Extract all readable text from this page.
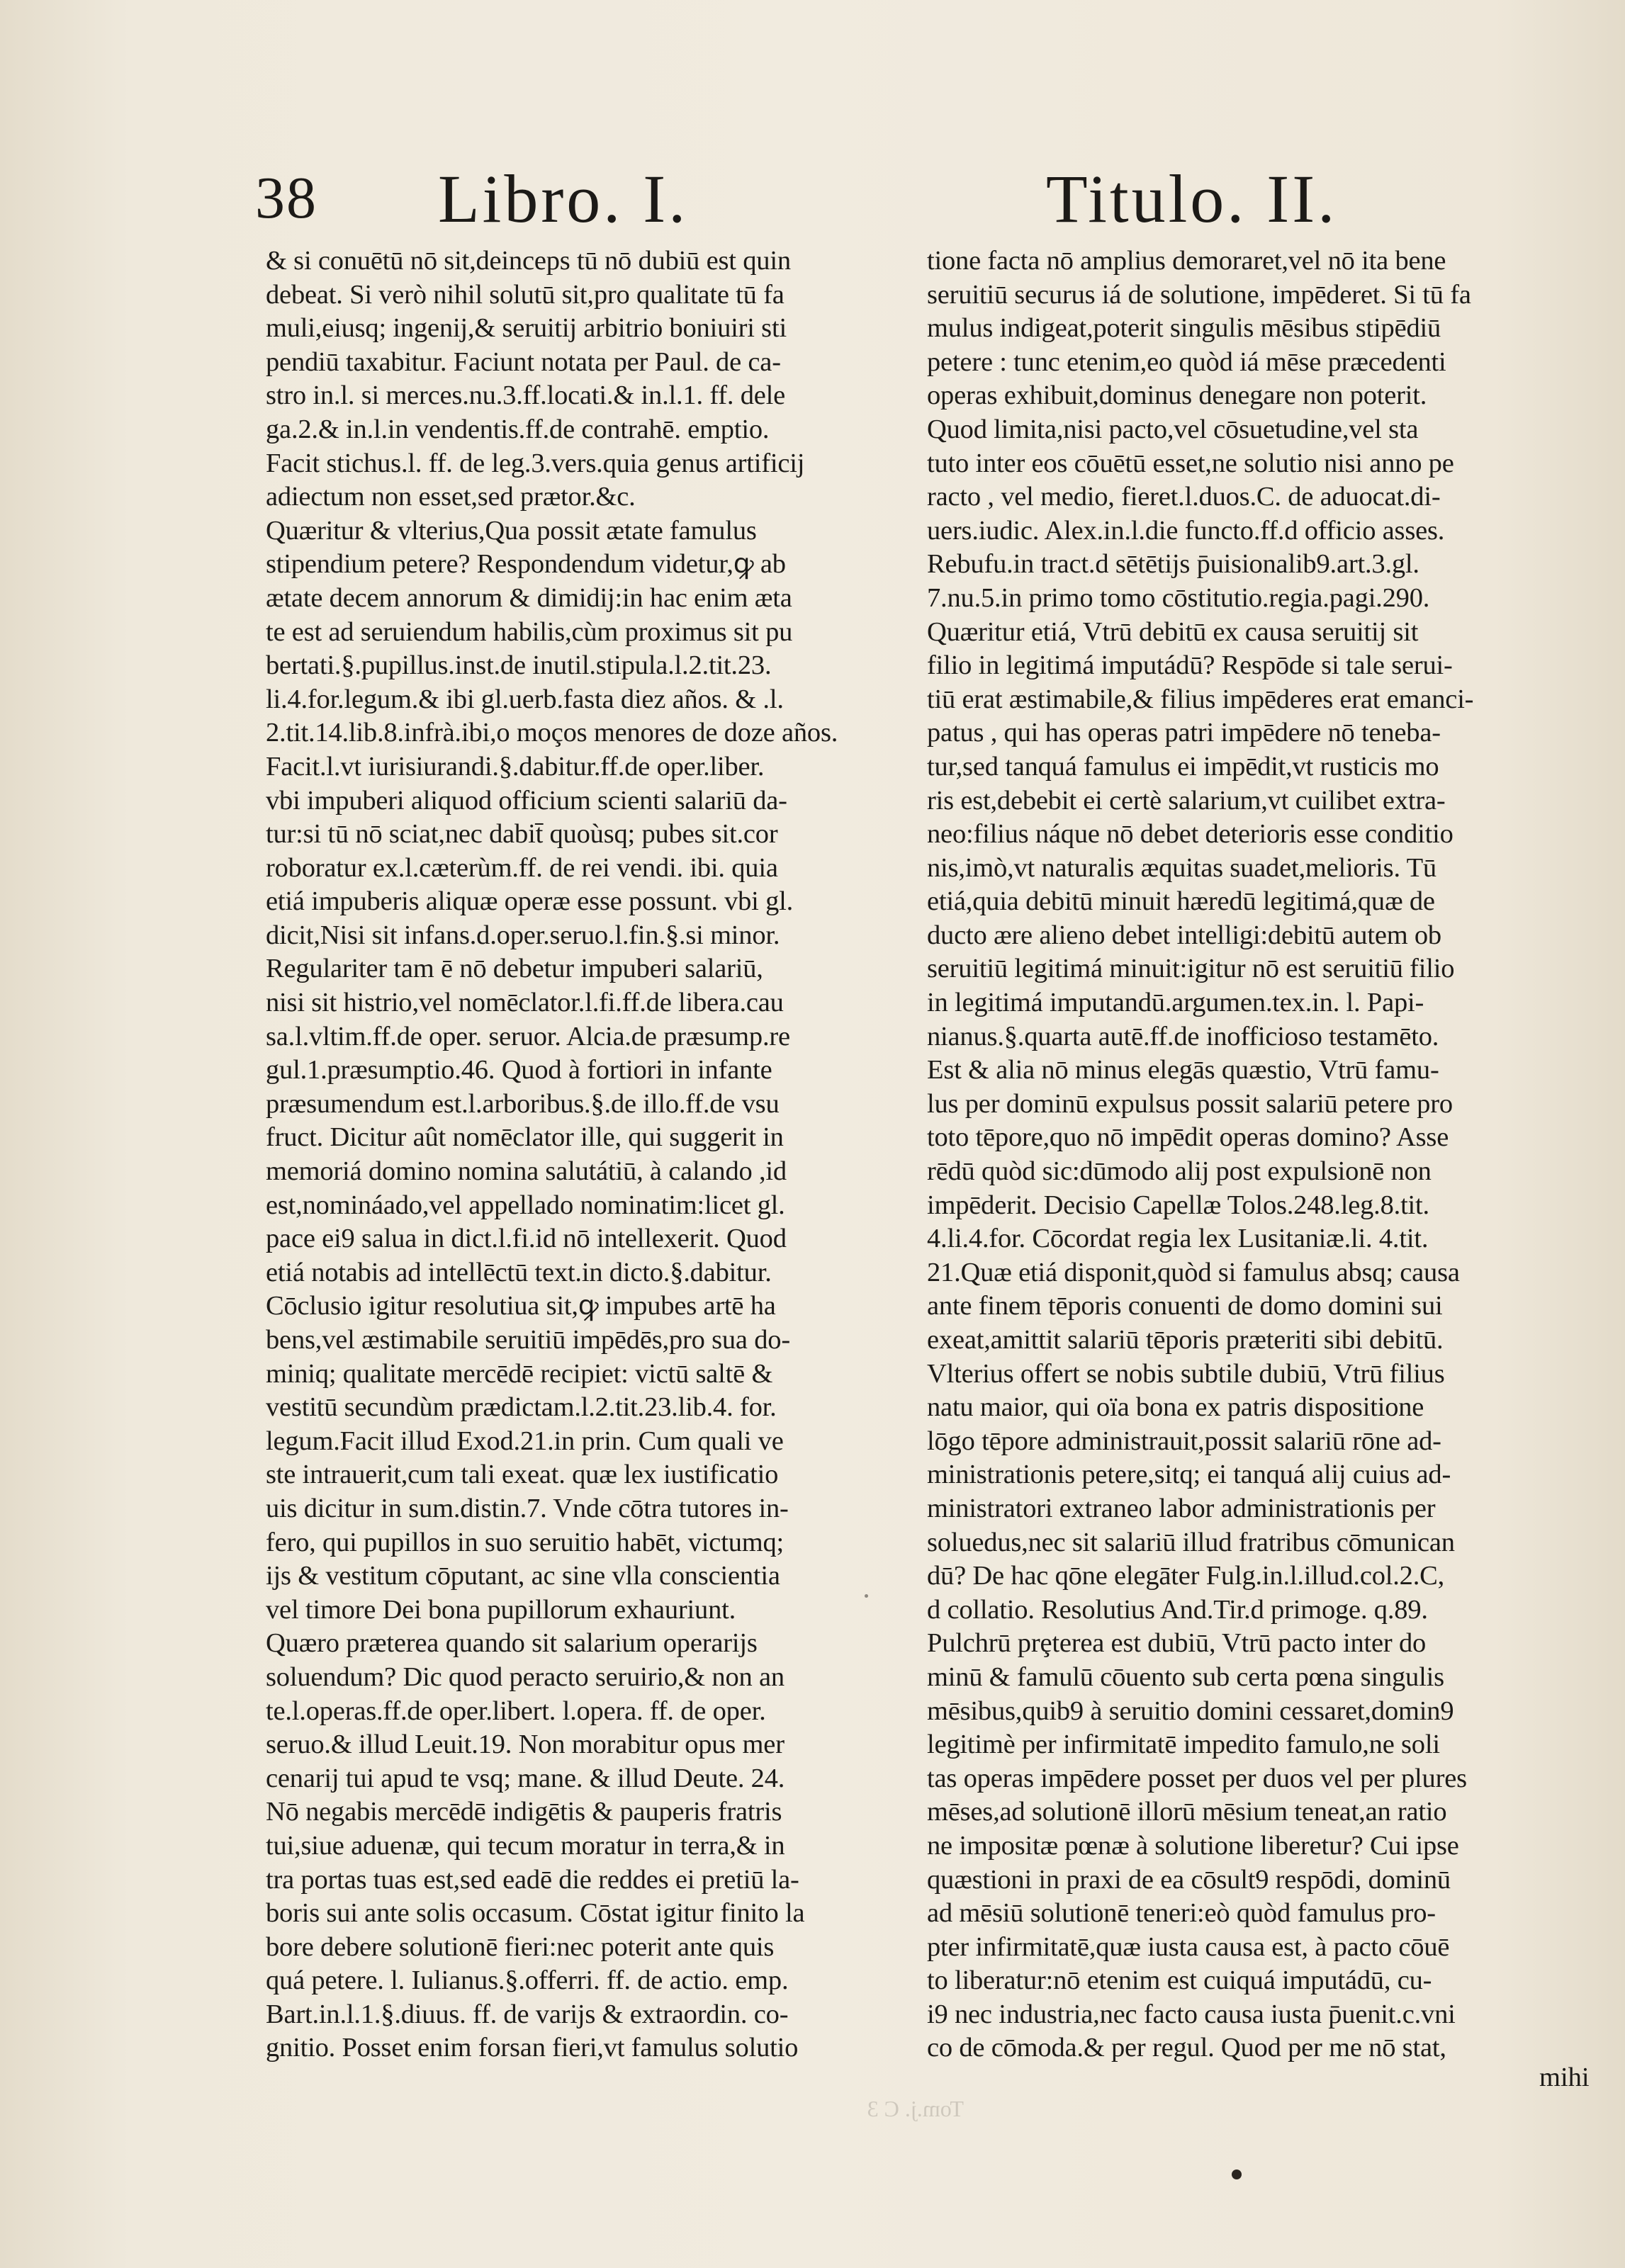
38 Libro. I.	Titulo. II.
& si conuētū nō sit,deinceps tū nō dubiū est quin
debeat. Si verò nihil solutū sit,pro qualitate tū fa
muli,eiusq; ingenij,& seruitij arbitrio boniuiri sti
pendiū taxabitur. Faciunt notata per Paul. de ca-
stro in.l. si merces.nu.3.ff.locati.& in.l.1. ff. dele
ga.2.& in.l.in vendentis.ff.de contrahē. emptio.
Facit stichus.l. ff. de leg.3.vers.quia genus artificij
adiectum non esset,sed prætor.&c.
Quæritur & vlterius,Qua possit ætate famulus
stipendium petere? Respondendum videtur,ꝙ ab
ætate decem annorum & dimidij:in hac enim æta
te est ad seruiendum habilis,cùm proximus sit pu
bertati.§.pupillus.inst.de inutil.stipula.l.2.tit.23.
li.4.for.legum.& ibi gl.uerb.fasta diez años. & .l.
2.tit.14.lib.8.infrà.ibi,o moços menores de doze años.
Facit.l.vt iurisiurandi.§.dabitur.ff.de oper.liber.
vbi impuberi aliquod officium scienti salariū da-
tur:si tū nō sciat,nec dabit̄ quoùsq; pubes sit.cor
roboratur ex.l.cæterùm.ff. de rei vendi. ibi. quia
etiá impuberis aliquæ operæ esse possunt. vbi gl.
dicit,Nisi sit infans.d.oper.seruo.l.fin.§.si minor.
Regulariter tam ē nō debetur impuberi salariū,
nisi sit histrio,vel nomēclator.l.fi.ff.de libera.cau
sa.l.vltim.ff.de oper. seruor. Alcia.de præsump.re
gul.1.præsumptio.46. Quod à fortiori in infante
præsumendum est.l.arboribus.§.de illo.ff.de vsu
fruct. Dicitur aût nomēclator ille, qui suggerit in
memoriá domino nomina salutátiū, à calando ,id
est,nomináado,vel appellado nominatim:licet gl.
pace ei9 salua in dict.l.fi.id nō intellexerit. Quod
etiá notabis ad intellēctū text.in dicto.§.dabitur.
Cōclusio igitur resolutiua sit,ꝙ impubes artē ha
bens,vel æstimabile seruitiū impēdēs,pro sua do-
miniq; qualitate mercēdē recipiet: victū saltē &
vestitū secundùm prædictam.l.2.tit.23.lib.4. for.
legum.Facit illud Exod.21.in prin. Cum quali ve
ste intrauerit,cum tali exeat. quæ lex iustificatio
uis dicitur in sum.distin.7. Vnde cōtra tutores in-
fero, qui pupillos in suo seruitio habēt, victumq;
ijs & vestitum cōputant, ac sine vlla conscientia
vel timore Dei bona pupillorum exhauriunt.
Quæro præterea quando sit salarium operarijs
soluendum? Dic quod peracto seruirio,& non an
te.l.operas.ff.de oper.libert. l.opera. ff. de oper.
seruo.& illud Leuit.19. Non morabitur opus mer
cenarij tui apud te vsq; mane. & illud Deute. 24.
Nō negabis mercēdē indigētis & pauperis fratris
tui,siue aduenæ, qui tecum moratur in terra,& in
tra portas tuas est,sed eadē die reddes ei pretiū la-
boris sui ante solis occasum. Cōstat igitur finito la
bore debere solutionē fieri:nec poterit ante quis
quá petere. l. Iulianus.§.offerri. ff. de actio. emp.
Bart.in.l.1.§.diuus. ff. de varijs & extraordin. co-
gnitio. Posset enim forsan fieri,vt famulus solutio
tione facta nō amplius demoraret,vel nō ita bene
seruitiū securus iá de solutione, impēderet. Si tū fa
mulus indigeat,poterit singulis mēsibus stipēdiū
petere : tunc etenim,eo quòd iá mēse præcedenti
operas exhibuit,dominus denegare non poterit.
Quod limita,nisi pacto,vel cōsuetudine,vel sta
tuto inter eos cōuētū esset,ne solutio nisi anno pe
racto , vel medio, fieret.l.duos.C. de aduocat.di-
uers.iudic. Alex.in.l.die functo.ff.d officio asses.
Rebufu.in tract.d sētētijs p̄uisionalib9.art.3.gl.
7.nu.5.in primo tomo cōstitutio.regia.pagi.290.
Quæritur etiá, Vtrū debitū ex causa seruitij sit
filio in legitimá imputádū? Respōde si tale serui-
tiū erat æstimabile,& filius impēderes erat emanci-
patus , qui has operas patri impēdere nō teneba-
tur,sed tanquá famulus ei impēdit,vt rusticis mo
ris est,debebit ei certè salarium,vt cuilibet extra-
neo:filius náque nō debet deterioris esse conditio
nis,imò,vt naturalis æquitas suadet,melioris. Tū
etiá,quia debitū minuit hæredū legitimá,quæ de
ducto ære alieno debet intelligi:debitū autem ob
seruitiū legitimá minuit:igitur nō est seruitiū filio
in legitimá imputandū.argumen.tex.in. l. Papi-
nianus.§.quarta autē.ff.de inofficioso testamēto.
Est & alia nō minus elegās quæstio, Vtrū famu-
lus per dominū expulsus possit salariū petere pro
toto tēpore,quo nō impēdit operas domino? Asse
rēdū quòd sic:dūmodo alij post expulsionē non
impēderit. Decisio Capellæ Tolos.248.leg.8.tit.
4.li.4.for. Cōcordat regia lex Lusitaniæ.li. 4.tit.
21.Quæ etiá disponit,quòd si famulus absq; causa
ante finem tēporis conuenti de domo domini sui
exeat,amittit salariū tēporis præteriti sibi debitū.
Vlterius offert se nobis subtile dubiū, Vtrū filius
natu maior, qui oïa bona ex patris dispositione
lōgo tēpore administrauit,possit salariū rōne ad-
ministrationis petere,sitq; ei tanquá alij cuius ad-
ministratori extraneo labor administrationis per
soluedus,nec sit salariū illud fratribus cōmunican
dū? De hac qōne elegāter Fulg.in.l.illud.col.2.C,
d collatio. Resolutius And.Tir.d primoge. q.89.
Pulchrū prȩterea est dubiū, Vtrū pacto inter do
minū & famulū cōuento sub certa pœna singulis
mēsibus,quib9 à seruitio domini cessaret,domin9
legitimè per infirmitatē impedito famulo,ne soli
tas operas impēdere posset per duos vel per plures
mēses,ad solutionē illorū mēsium teneat,an ratio
ne impositæ pœnæ à solutione liberetur? Cui ipse
quæstioni in praxi de ea cōsult9 respōdi, dominū
ad mēsiū solutionē teneri:eò quòd famulus pro-
pter infirmitatē,quæ iusta causa est, à pacto cōuē
to liberatur:nō etenim est cuiquá imputádū, cu-
i9 nec industria,nec facto causa iusta p̄uenit.c.vni
co de cōmoda.& per regul. Quod per me nō stat,
mihi
Tom.j. C 3
